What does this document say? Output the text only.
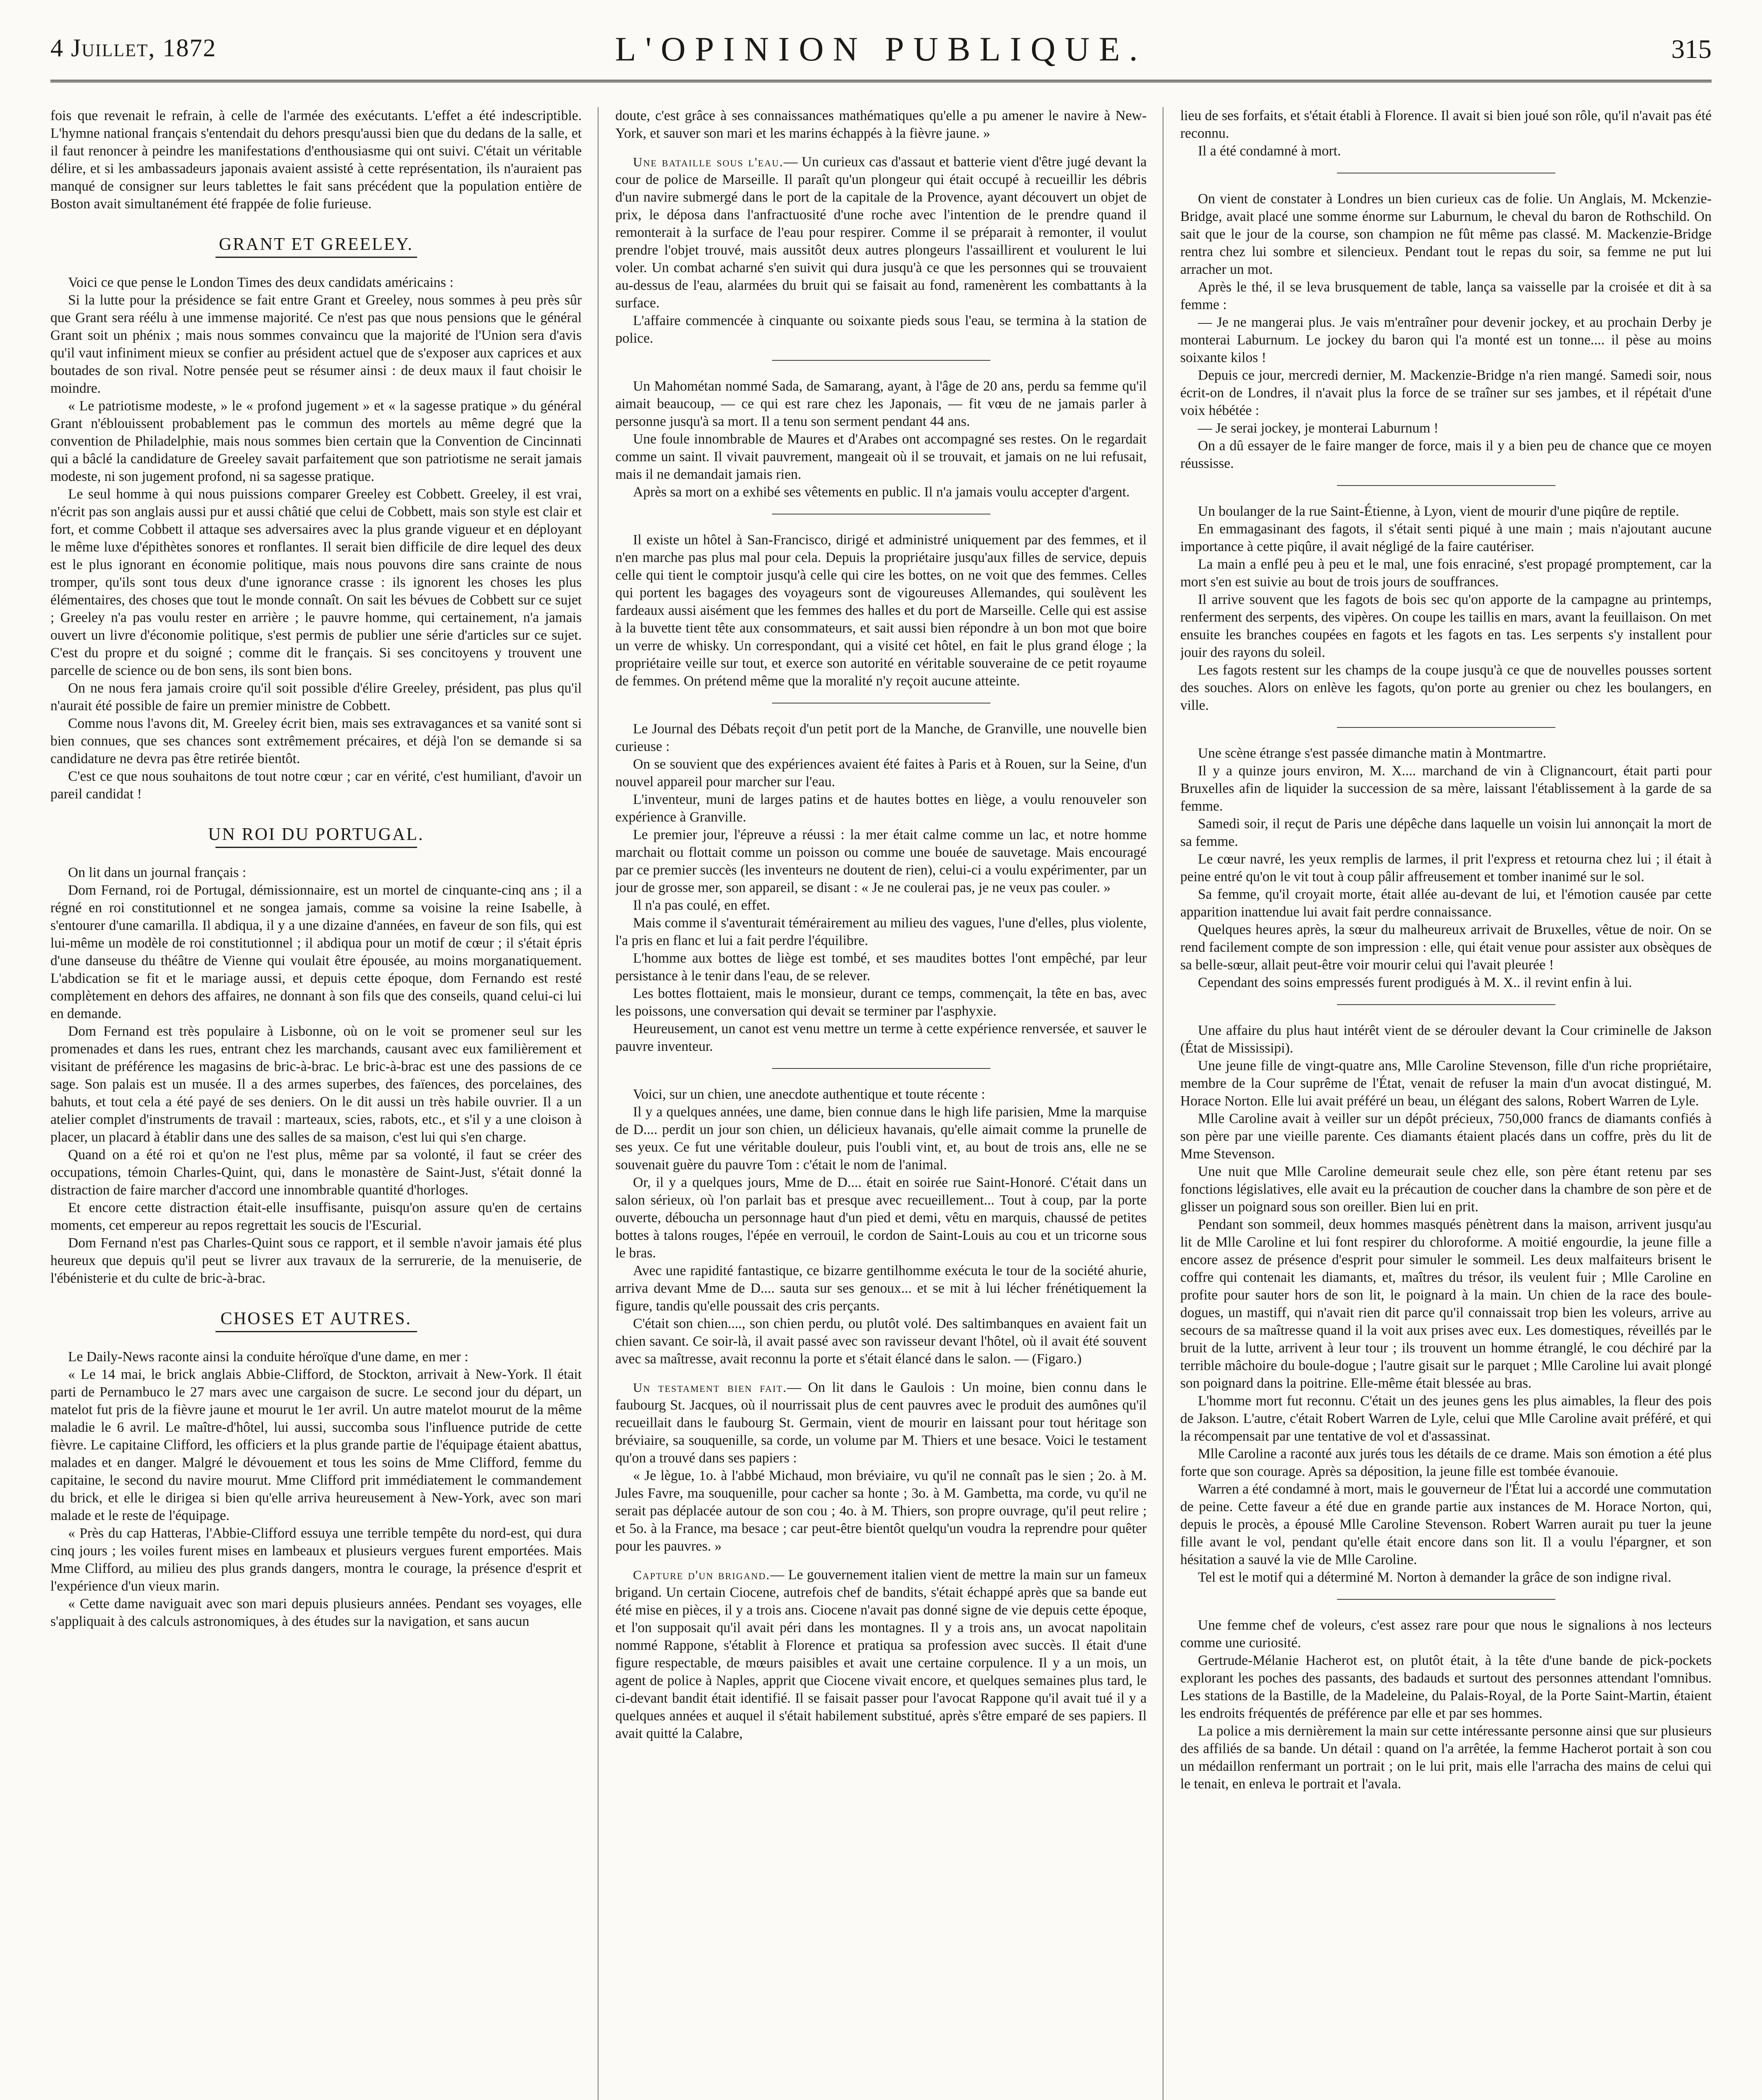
4 Juillet, 1872	L'OPINION PUBLIQUE.	315

fois que revenait le refrain, à celle de l'armée des exécutants. L'effet a été indescriptible. L'hymne national français s'entendait du dehors presqu'aussi bien que du dedans de la salle, et il faut renoncer à peindre les manifestations d'enthousiasme qui ont suivi. C'était un véritable délire, et si les ambassadeurs japonais avaient assisté à cette représentation, ils n'auraient pas manqué de consigner sur leurs tablettes le fait sans précédent que la population entière de Boston avait simultanément été frappée de folie furieuse.

GRANT ET GREELEY.

Voici ce que pense le London Times des deux candidats américains :

Si la lutte pour la présidence se fait entre Grant et Greeley, nous sommes à peu près sûr que Grant sera réélu à une immense majorité. Ce n'est pas que nous pensions que le général Grant soit un phénix ; mais nous sommes convaincu que la majorité de l'Union sera d'avis qu'il vaut infiniment mieux se confier au président actuel que de s'exposer aux caprices et aux boutades de son rival. Notre pensée peut se résumer ainsi : de deux maux il faut choisir le moindre.

« Le patriotisme modeste, » le « profond jugement » et « la sagesse pratique » du général Grant n'éblouissent probablement pas le commun des mortels au même degré que la convention de Philadelphie, mais nous sommes bien certain que la Convention de Cincinnati qui a bâclé la candidature de Greeley savait parfaitement que son patriotisme ne serait jamais modeste, ni son jugement profond, ni sa sagesse pratique.

Le seul homme à qui nous puissions comparer Greeley est Cobbett. Greeley, il est vrai, n'écrit pas son anglais aussi pur et aussi châtié que celui de Cobbett, mais son style est clair et fort, et comme Cobbett il attaque ses adversaires avec la plus grande vigueur et en déployant le même luxe d'épithètes sonores et ronflantes. Il serait bien difficile de dire lequel des deux est le plus ignorant en économie politique, mais nous pouvons dire sans crainte de nous tromper, qu'ils sont tous deux d'une ignorance crasse : ils ignorent les choses les plus élémentaires, des choses que tout le monde connaît. On sait les bévues de Cobbett sur ce sujet ; Greeley n'a pas voulu rester en arrière ; le pauvre homme, qui certainement, n'a jamais ouvert un livre d'économie politique, s'est permis de publier une série d'articles sur ce sujet. C'est du propre et du soigné ; comme dit le français. Si ses concitoyens y trouvent une parcelle de science ou de bon sens, ils sont bien bons.

On ne nous fera jamais croire qu'il soit possible d'élire Greeley, président, pas plus qu'il n'aurait été possible de faire un premier ministre de Cobbett.

Comme nous l'avons dit, M. Greeley écrit bien, mais ses extravagances et sa vanité sont si bien connues, que ses chances sont extrêmement précaires, et déjà l'on se demande si sa candidature ne devra pas être retirée bientôt.

C'est ce que nous souhaitons de tout notre cœur ; car en vérité, c'est humiliant, d'avoir un pareil candidat !

UN ROI DU PORTUGAL.

On lit dans un journal français :

Dom Fernand, roi de Portugal, démissionnaire, est un mortel de cinquante-cinq ans ; il a régné en roi constitutionnel et ne songea jamais, comme sa voisine la reine Isabelle, à s'entourer d'une camarilla. Il abdiqua, il y a une dizaine d'années, en faveur de son fils, qui est lui-même un modèle de roi constitutionnel ; il abdiqua pour un motif de cœur ; il s'était épris d'une danseuse du théâtre de Vienne qui voulait être épousée, au moins morganatiquement. L'abdication se fit et le mariage aussi, et depuis cette époque, dom Fernando est resté complètement en dehors des affaires, ne donnant à son fils que des conseils, quand celui-ci lui en demande.

Dom Fernand est très populaire à Lisbonne, où on le voit se promener seul sur les promenades et dans les rues, entrant chez les marchands, causant avec eux familièrement et visitant de préférence les magasins de bric-à-brac. Le bric-à-brac est une des passions de ce sage. Son palais est un musée. Il a des armes superbes, des faïences, des porcelaines, des bahuts, et tout cela a été payé de ses deniers. On le dit aussi un très habile ouvrier. Il a un atelier complet d'instruments de travail : marteaux, scies, rabots, etc., et s'il y a une cloison à placer, un placard à établir dans une des salles de sa maison, c'est lui qui s'en charge.

Quand on a été roi et qu'on ne l'est plus, même par sa volonté, il faut se créer des occupations, témoin Charles-Quint, qui, dans le monastère de Saint-Just, s'était donné la distraction de faire marcher d'accord une innombrable quantité d'horloges.

Et encore cette distraction était-elle insuffisante, puisqu'on assure qu'en de certains moments, cet empereur au repos regrettait les soucis de l'Escurial.

Dom Fernand n'est pas Charles-Quint sous ce rapport, et il semble n'avoir jamais été plus heureux que depuis qu'il peut se livrer aux travaux de la serrurerie, de la menuiserie, de l'ébénisterie et du culte de bric-à-brac.

CHOSES ET AUTRES.

Le Daily-News raconte ainsi la conduite héroïque d'une dame, en mer :

« Le 14 mai, le brick anglais Abbie-Clifford, de Stockton, arrivait à New-York. Il était parti de Pernambuco le 27 mars avec une cargaison de sucre. Le second jour du départ, un matelot fut pris de la fièvre jaune et mourut le 1er avril. Un autre matelot mourut de la même maladie le 6 avril. Le maître-d'hôtel, lui aussi, succomba sous l'influence putride de cette fièvre. Le capitaine Clifford, les officiers et la plus grande partie de l'équipage étaient abattus, malades et en danger. Malgré le dévouement et tous les soins de Mme Clifford, femme du capitaine, le second du navire mourut. Mme Clifford prit immédiatement le commandement du brick, et elle le dirigea si bien qu'elle arriva heureusement à New-York, avec son mari malade et le reste de l'équipage.

« Près du cap Hatteras, l'Abbie-Clifford essuya une terrible tempête du nord-est, qui dura cinq jours ; les voiles furent mises en lambeaux et plusieurs vergues furent emportées. Mais Mme Clifford, au milieu des plus grands dangers, montra le courage, la présence d'esprit et l'expérience d'un vieux marin.

« Cette dame naviguait avec son mari depuis plusieurs années. Pendant ses voyages, elle s'appliquait à des calculs astronomiques, à des études sur la navigation, et sans aucun

doute, c'est grâce à ses connaissances mathématiques qu'elle a pu amener le navire à New-York, et sauver son mari et les marins échappés à la fièvre jaune. »

Une bataille sous l'eau.— Un curieux cas d'assaut et batterie vient d'être jugé devant la cour de police de Marseille. Il paraît qu'un plongeur qui était occupé à recueillir les débris d'un navire submergé dans le port de la capitale de la Provence, ayant découvert un objet de prix, le déposa dans l'anfractuosité d'une roche avec l'intention de le prendre quand il remonterait à la surface de l'eau pour respirer. Comme il se préparait à remonter, il voulut prendre l'objet trouvé, mais aussitôt deux autres plongeurs l'assaillirent et voulurent le lui voler. Un combat acharné s'en suivit qui dura jusqu'à ce que les personnes qui se trouvaient au-dessus de l'eau, alarmées du bruit qui se faisait au fond, ramenèrent les combattants à la surface.

L'affaire commencée à cinquante ou soixante pieds sous l'eau, se termina à la station de police.

Un Mahométan nommé Sada, de Samarang, ayant, à l'âge de 20 ans, perdu sa femme qu'il aimait beaucoup, — ce qui est rare chez les Japonais, — fit vœu de ne jamais parler à personne jusqu'à sa mort. Il a tenu son serment pendant 44 ans.

Une foule innombrable de Maures et d'Arabes ont accompagné ses restes. On le regardait comme un saint. Il vivait pauvrement, mangeait où il se trouvait, et jamais on ne lui refusait, mais il ne demandait jamais rien.

Après sa mort on a exhibé ses vêtements en public. Il n'a jamais voulu accepter d'argent.

Il existe un hôtel à San-Francisco, dirigé et administré uniquement par des femmes, et il n'en marche pas plus mal pour cela. Depuis la propriétaire jusqu'aux filles de service, depuis celle qui tient le comptoir jusqu'à celle qui cire les bottes, on ne voit que des femmes. Celles qui portent les bagages des voyageurs sont de vigoureuses Allemandes, qui soulèvent les fardeaux aussi aisément que les femmes des halles et du port de Marseille. Celle qui est assise à la buvette tient tête aux consommateurs, et sait aussi bien répondre à un bon mot que boire un verre de whisky. Un correspondant, qui a visité cet hôtel, en fait le plus grand éloge ; la propriétaire veille sur tout, et exerce son autorité en véritable souveraine de ce petit royaume de femmes. On prétend même que la moralité n'y reçoit aucune atteinte.

Le Journal des Débats reçoit d'un petit port de la Manche, de Granville, une nouvelle bien curieuse :

On se souvient que des expériences avaient été faites à Paris et à Rouen, sur la Seine, d'un nouvel appareil pour marcher sur l'eau.

L'inventeur, muni de larges patins et de hautes bottes en liège, a voulu renouveler son expérience à Granville.

Le premier jour, l'épreuve a réussi : la mer était calme comme un lac, et notre homme marchait ou flottait comme un poisson ou comme une bouée de sauvetage. Mais encouragé par ce premier succès (les inventeurs ne doutent de rien), celui-ci a voulu expérimenter, par un jour de grosse mer, son appareil, se disant : « Je ne coulerai pas, je ne veux pas couler. »

Il n'a pas coulé, en effet.

Mais comme il s'aventurait témérairement au milieu des vagues, l'une d'elles, plus violente, l'a pris en flanc et lui a fait perdre l'équilibre.

L'homme aux bottes de liège est tombé, et ses maudites bottes l'ont empêché, par leur persistance à le tenir dans l'eau, de se relever.

Les bottes flottaient, mais le monsieur, durant ce temps, commençait, la tête en bas, avec les poissons, une conversation qui devait se terminer par l'asphyxie.

Heureusement, un canot est venu mettre un terme à cette expérience renversée, et sauver le pauvre inventeur.

Voici, sur un chien, une anecdote authentique et toute récente :

Il y a quelques années, une dame, bien connue dans le high life parisien, Mme la marquise de D.... perdit un jour son chien, un délicieux havanais, qu'elle aimait comme la prunelle de ses yeux. Ce fut une véritable douleur, puis l'oubli vint, et, au bout de trois ans, elle ne se souvenait guère du pauvre Tom : c'était le nom de l'animal.

Or, il y a quelques jours, Mme de D.... était en soirée rue Saint-Honoré. C'était dans un salon sérieux, où l'on parlait bas et presque avec recueillement... Tout à coup, par la porte ouverte, déboucha un personnage haut d'un pied et demi, vêtu en marquis, chaussé de petites bottes à talons rouges, l'épée en verrouil, le cordon de Saint-Louis au cou et un tricorne sous le bras.

Avec une rapidité fantastique, ce bizarre gentilhomme exécuta le tour de la société ahurie, arriva devant Mme de D.... sauta sur ses genoux... et se mit à lui lécher frénétiquement la figure, tandis qu'elle poussait des cris perçants.

C'était son chien...., son chien perdu, ou plutôt volé. Des saltimbanques en avaient fait un chien savant. Ce soir-là, il avait passé avec son ravisseur devant l'hôtel, où il avait été souvent avec sa maîtresse, avait reconnu la porte et s'était élancé dans le salon. — (Figaro.)

Un testament bien fait.— On lit dans le Gaulois : Un moine, bien connu dans le faubourg St. Jacques, où il nourrissait plus de cent pauvres avec le produit des aumônes qu'il recueillait dans le faubourg St. Germain, vient de mourir en laissant pour tout héritage son bréviaire, sa souquenille, sa corde, un volume par M. Thiers et une besace. Voici le testament qu'on a trouvé dans ses papiers :

« Je lègue, 1o. à l'abbé Michaud, mon bréviaire, vu qu'il ne connaît pas le sien ; 2o. à M. Jules Favre, ma souquenille, pour cacher sa honte ; 3o. à M. Gambetta, ma corde, vu qu'il ne serait pas déplacée autour de son cou ; 4o. à M. Thiers, son propre ouvrage, qu'il peut relire ; et 5o. à la France, ma besace ; car peut-être bientôt quelqu'un voudra la reprendre pour quêter pour les pauvres. »

Capture d'un brigand.— Le gouvernement italien vient de mettre la main sur un fameux brigand. Un certain Ciocene, autrefois chef de bandits, s'était échappé après que sa bande eut été mise en pièces, il y a trois ans. Ciocene n'avait pas donné signe de vie depuis cette époque, et l'on supposait qu'il avait péri dans les montagnes. Il y a trois ans, un avocat napolitain nommé Rappone, s'établit à Florence et pratiqua sa profession avec succès. Il était d'une figure respectable, de mœurs paisibles et avait une certaine corpulence. Il y a un mois, un agent de police à Naples, apprit que Ciocene vivait encore, et quelques semaines plus tard, le ci-devant bandit était identifié. Il se faisait passer pour l'avocat Rappone qu'il avait tué il y a quelques années et auquel il s'était habilement substitué, après s'être emparé de ses papiers. Il avait quitté la Calabre,

lieu de ses forfaits, et s'était établi à Florence. Il avait si bien joué son rôle, qu'il n'avait pas été reconnu.

Il a été condamné à mort.

On vient de constater à Londres un bien curieux cas de folie. Un Anglais, M. Mckenzie-Bridge, avait placé une somme énorme sur Laburnum, le cheval du baron de Rothschild. On sait que le jour de la course, son champion ne fût même pas classé. M. Mackenzie-Bridge rentra chez lui sombre et silencieux. Pendant tout le repas du soir, sa femme ne put lui arracher un mot.

Après le thé, il se leva brusquement de table, lança sa vaisselle par la croisée et dit à sa femme :

— Je ne mangerai plus. Je vais m'entraîner pour devenir jockey, et au prochain Derby je monterai Laburnum. Le jockey du baron qui l'a monté est un tonne.... il pèse au moins soixante kilos !

Depuis ce jour, mercredi dernier, M. Mackenzie-Bridge n'a rien mangé. Samedi soir, nous écrit-on de Londres, il n'avait plus la force de se traîner sur ses jambes, et il répétait d'une voix hébétée :

— Je serai jockey, je monterai Laburnum !

On a dû essayer de le faire manger de force, mais il y a bien peu de chance que ce moyen réussisse.

Un boulanger de la rue Saint-Étienne, à Lyon, vient de mourir d'une piqûre de reptile.

En emmagasinant des fagots, il s'était senti piqué à une main ; mais n'ajoutant aucune importance à cette piqûre, il avait négligé de la faire cautériser.

La main a enflé peu à peu et le mal, une fois enraciné, s'est propagé promptement, car la mort s'en est suivie au bout de trois jours de souffrances.

Il arrive souvent que les fagots de bois sec qu'on apporte de la campagne au printemps, renferment des serpents, des vipères. On coupe les taillis en mars, avant la feuillaison. On met ensuite les branches coupées en fagots et les fagots en tas. Les serpents s'y installent pour jouir des rayons du soleil.

Les fagots restent sur les champs de la coupe jusqu'à ce que de nouvelles pousses sortent des souches. Alors on enlève les fagots, qu'on porte au grenier ou chez les boulangers, en ville.

Une scène étrange s'est passée dimanche matin à Montmartre.

Il y a quinze jours environ, M. X.... marchand de vin à Clignancourt, était parti pour Bruxelles afin de liquider la succession de sa mère, laissant l'établissement à la garde de sa femme.

Samedi soir, il reçut de Paris une dépêche dans laquelle un voisin lui annonçait la mort de sa femme.

Le cœur navré, les yeux remplis de larmes, il prit l'express et retourna chez lui ; il était à peine entré qu'on le vit tout à coup pâlir affreusement et tomber inanimé sur le sol.

Sa femme, qu'il croyait morte, était allée au-devant de lui, et l'émotion causée par cette apparition inattendue lui avait fait perdre connaissance.

Quelques heures après, la sœur du malheureux arrivait de Bruxelles, vêtue de noir. On se rend facilement compte de son impression : elle, qui était venue pour assister aux obsèques de sa belle-sœur, allait peut-être voir mourir celui qui l'avait pleurée !

Cependant des soins empressés furent prodigués à M. X.. il revint enfin à lui.

Une affaire du plus haut intérêt vient de se dérouler devant la Cour criminelle de Jakson (État de Mississipi).

Une jeune fille de vingt-quatre ans, Mlle Caroline Stevenson, fille d'un riche propriétaire, membre de la Cour suprême de l'État, venait de refuser la main d'un avocat distingué, M. Horace Norton. Elle lui avait préféré un beau, un élégant des salons, Robert Warren de Lyle.

Mlle Caroline avait à veiller sur un dépôt précieux, 750,000 francs de diamants confiés à son père par une vieille parente. Ces diamants étaient placés dans un coffre, près du lit de Mme Stevenson.

Une nuit que Mlle Caroline demeurait seule chez elle, son père étant retenu par ses fonctions législatives, elle avait eu la précaution de coucher dans la chambre de son père et de glisser un poignard sous son oreiller. Bien lui en prit.

Pendant son sommeil, deux hommes masqués pénètrent dans la maison, arrivent jusqu'au lit de Mlle Caroline et lui font respirer du chloroforme. A moitié engourdie, la jeune fille a encore assez de présence d'esprit pour simuler le sommeil. Les deux malfaiteurs brisent le coffre qui contenait les diamants, et, maîtres du trésor, ils veulent fuir ; Mlle Caroline en profite pour sauter hors de son lit, le poignard à la main. Un chien de la race des boule-dogues, un mastiff, qui n'avait rien dit parce qu'il connaissait trop bien les voleurs, arrive au secours de sa maîtresse quand il la voit aux prises avec eux. Les domestiques, réveillés par le bruit de la lutte, arrivent à leur tour ; ils trouvent un homme étranglé, le cou déchiré par la terrible mâchoire du boule-dogue ; l'autre gisait sur le parquet ; Mlle Caroline lui avait plongé son poignard dans la poitrine. Elle-même était blessée au bras.

L'homme mort fut reconnu. C'était un des jeunes gens les plus aimables, la fleur des pois de Jakson. L'autre, c'était Robert Warren de Lyle, celui que Mlle Caroline avait préféré, et qui la récompensait par une tentative de vol et d'assassinat.

Mlle Caroline a raconté aux jurés tous les détails de ce drame. Mais son émotion a été plus forte que son courage. Après sa déposition, la jeune fille est tombée évanouie.

Warren a été condamné à mort, mais le gouverneur de l'État lui a accordé une commutation de peine. Cette faveur a été due en grande partie aux instances de M. Horace Norton, qui, depuis le procès, a épousé Mlle Caroline Stevenson. Robert Warren aurait pu tuer la jeune fille avant le vol, pendant qu'elle était encore dans son lit. Il a voulu l'épargner, et son hésitation a sauvé la vie de Mlle Caroline.

Tel est le motif qui a déterminé M. Norton à demander la grâce de son indigne rival.

Une femme chef de voleurs, c'est assez rare pour que nous le signalions à nos lecteurs comme une curiosité.

Gertrude-Mélanie Hacherot est, on plutôt était, à la tête d'une bande de pick-pockets explorant les poches des passants, des badauds et surtout des personnes attendant l'omnibus. Les stations de la Bastille, de la Madeleine, du Palais-Royal, de la Porte Saint-Martin, étaient les endroits fréquentés de préférence par elle et par ses hommes.

La police a mis dernièrement la main sur cette intéressante personne ainsi que sur plusieurs des affiliés de sa bande. Un détail : quand on l'a arrêtée, la femme Hacherot portait à son cou un médaillon renfermant un portrait ; on le lui prit, mais elle l'arracha des mains de celui qui le tenait, en enleva le portrait et l'avala.
